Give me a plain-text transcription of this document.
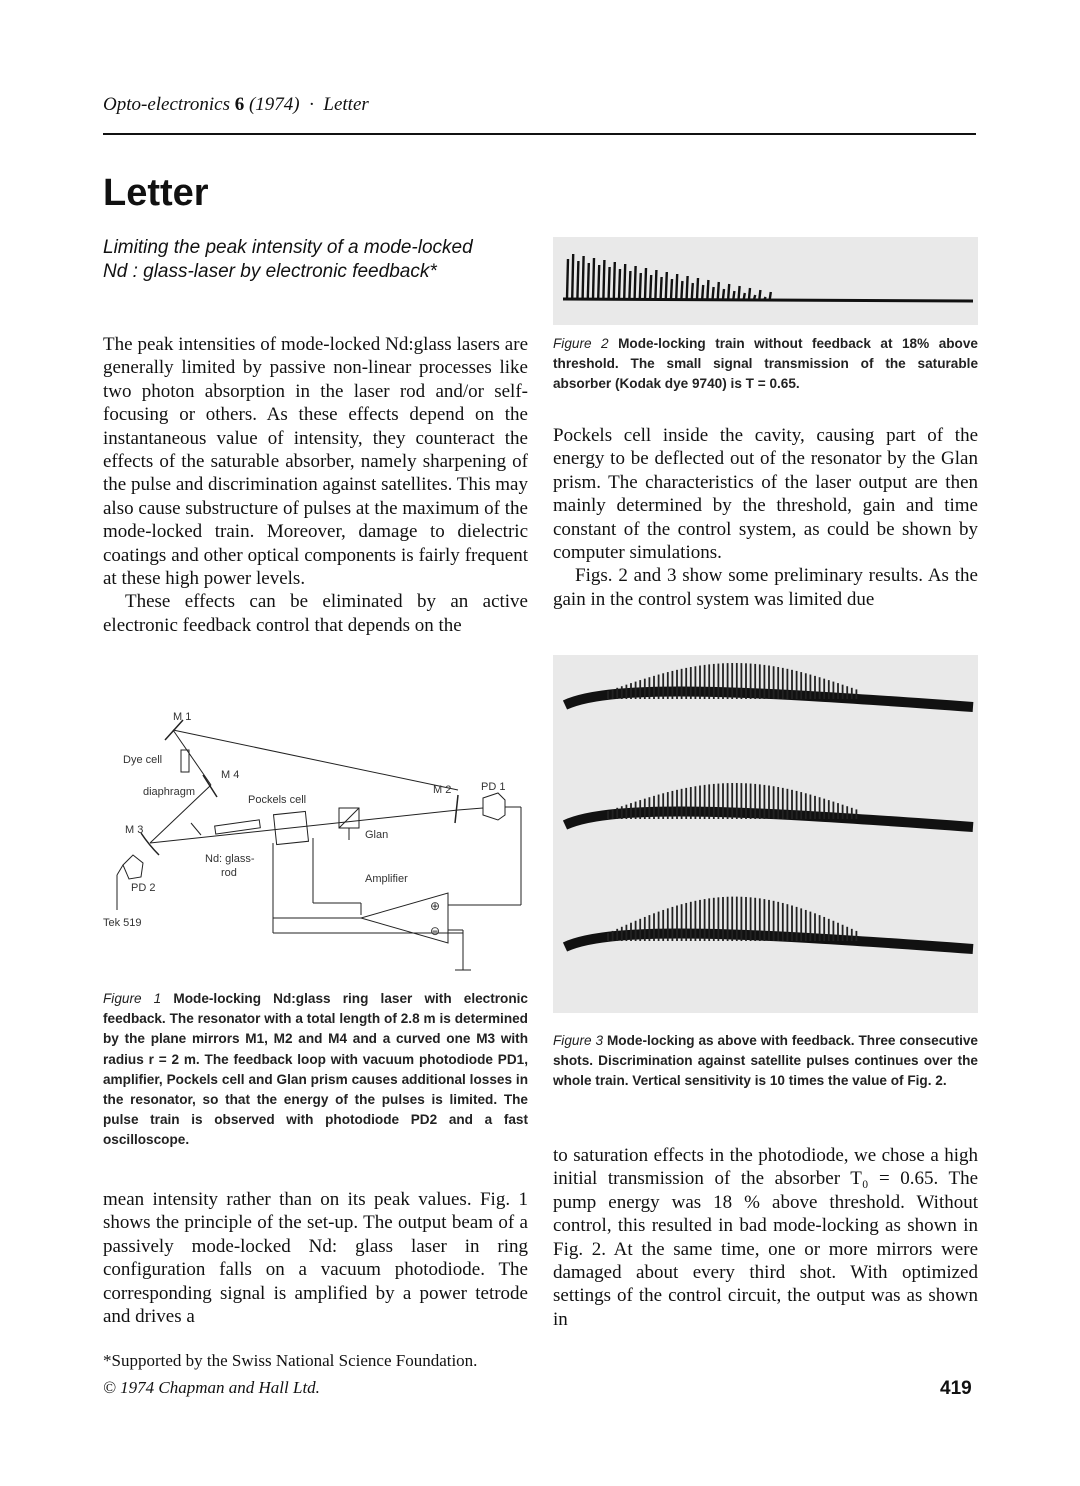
Opto-electronics 6 (1974) · Letter
Letter
Limiting the peak intensity of a mode-locked Nd : glass-laser by electronic feedback*

The peak intensities of mode-locked Nd:glass lasers are generally limited by passive non-linear processes like two photon absorption in the laser rod and/or self-focusing or others. As these effects depend on the instantaneous value of intensity, they counteract the effects of the saturable absorber, namely sharpening of the pulse and discrimination against satellites. This may also cause substructure of pulses at the maximum of the mode-locked train. Moreover, damage to dielectric coatings and other optical components is fairly frequent at these high power levels.

These effects can be eliminated by an active electronic feedback control that depends on the

M 1
Dye cell
M 4
diaphragm
Pockels cell
M 2	PD 1
M 3	Glan
Nd: glass-
rod	Amplifier
PD 2
Tek 519
⊕
⊖
Figure 1 Mode-locking Nd:glass ring laser with electronic feedback. The resonator with a total length of 2.8 m is determined by the plane mirrors M1, M2 and M4 and a curved one M3 with radius r = 2 m. The feedback loop with vacuum photodiode PD1, amplifier, Pockels cell and Glan prism causes additional losses in the resonator, so that the energy of the pulses is limited. The pulse train is observed with photodiode PD2 and a fast oscilloscope.

mean intensity rather than on its peak values. Fig. 1 shows the principle of the set-up. The output beam of a passively mode-locked Nd: glass laser in ring configuration falls on a vacuum photodiode. The corresponding signal is amplified by a power tetrode and drives a

Figure 2 Mode-locking train without feedback at 18% above threshold. The small signal transmission of the saturable absorber (Kodak dye 9740) is T = 0.65.

Pockels cell inside the cavity, causing part of the energy to be deflected out of the resonator by the Glan prism. The characteristics of the laser output are then mainly determined by the threshold, gain and time constant of the control system, as could be shown by computer simulations.

Figs. 2 and 3 show some preliminary results. As the gain in the control system was limited due

Figure 3 Mode-locking as above with feedback. Three consecutive shots. Discrimination against satellite pulses continues over the whole train. Vertical sensitivity is 10 times the value of Fig. 2.

to saturation effects in the photodiode, we chose a high initial transmission of the absorber T₀ = 0.65. The pump energy was 18 % above threshold. Without control, this resulted in bad mode-locking as shown in Fig. 2. At the same time, one or more mirrors were damaged about every third shot. With optimized settings of the control circuit, the output was as shown in

*Supported by the Swiss National Science Foundation.
© 1974 Chapman and Hall Ltd.	419
